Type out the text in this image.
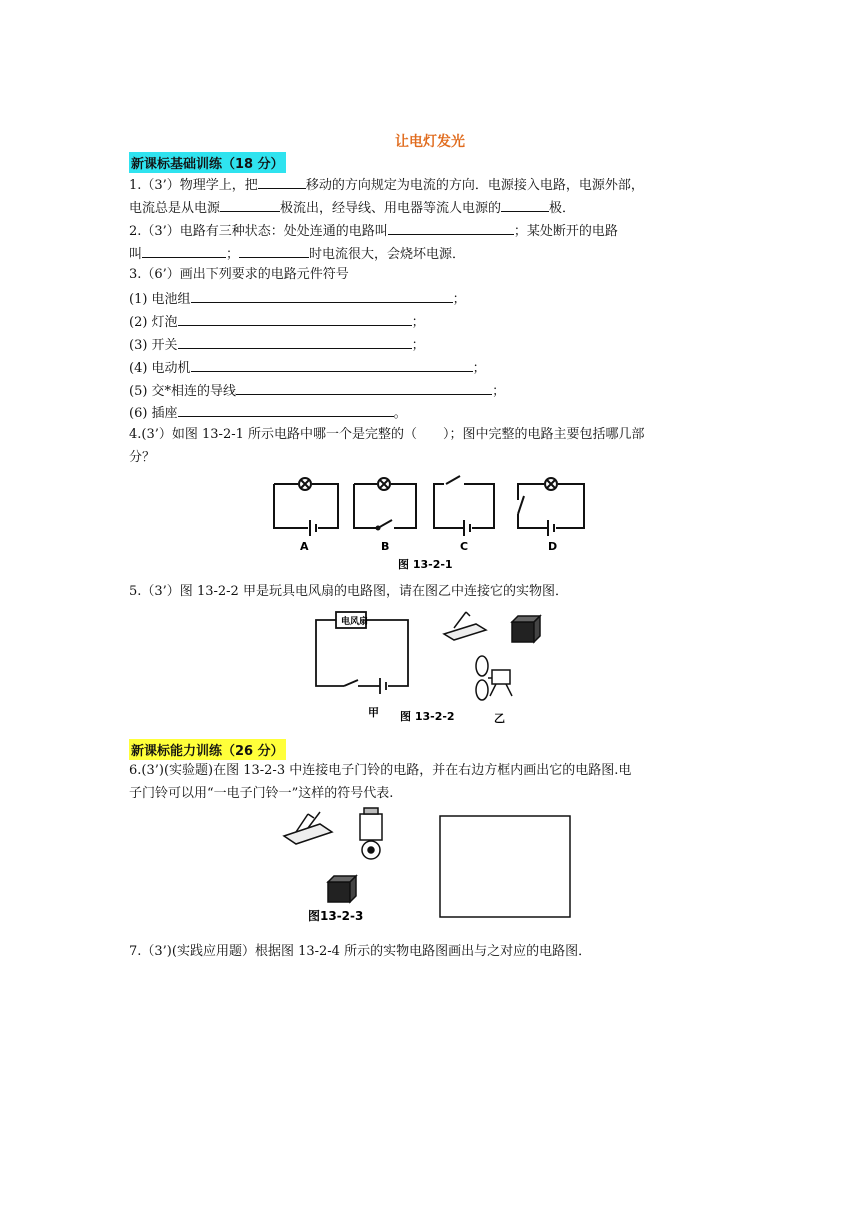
让电灯发光
新课标基础训练（18 分）
1.（3’）物理学上，把	移动的方向规定为电流的方向．电源接入电路，电源外部，
电流总是从电源	极流出，经导线、用电器等流人电源的	极．
2.（3’）电路有三种状态：处处连通的电路叫	；某处断开的电路
叫	；	时电流很大，会烧坏电源．
3.（6’）画出下列要求的电路元件符号
(1) 电池组	；
(2) 灯泡	；
(3) 开关	；
(4) 电动机	；
(5) 交*相连的导线	；
(6) 插座	。
4.(3’）如图 13-2-1 所示电路中哪一个是完整的（　　）；图中完整的电路主要包括哪几部
分？
A	B	C	D
图 13-2-1
5.（3’）图 13-2-2 甲是玩具电风扇的电路图，请在图乙中连接它的实物图．
电风扇
甲 图 13-2-2	乙
新课标能力训练（26 分）
6.(3’)(实验题)在图 13-2-3 中连接电子门铃的电路，并在右边方框内画出它的电路图.电
子门铃可以用“一电子门铃一”这样的符号代表.
图13-2-3
7.（3’)(实践应用题）根据图 13-2-4 所示的实物电路图画出与之对应的电路图．
